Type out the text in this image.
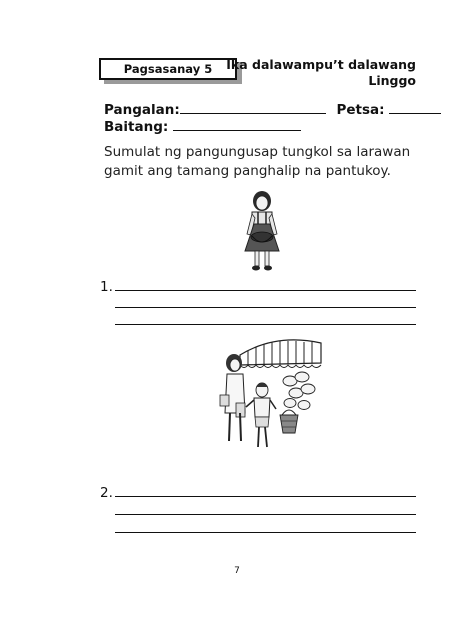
Pagsasanay 5	Ika dalawampu’t dalawang
Linggo
Pangalan:	Petsa:
Baitang:
Sumulat ng pangungusap tungkol sa larawan gamit ang tamang panghalip na pantukoy.
1.
2.
7
